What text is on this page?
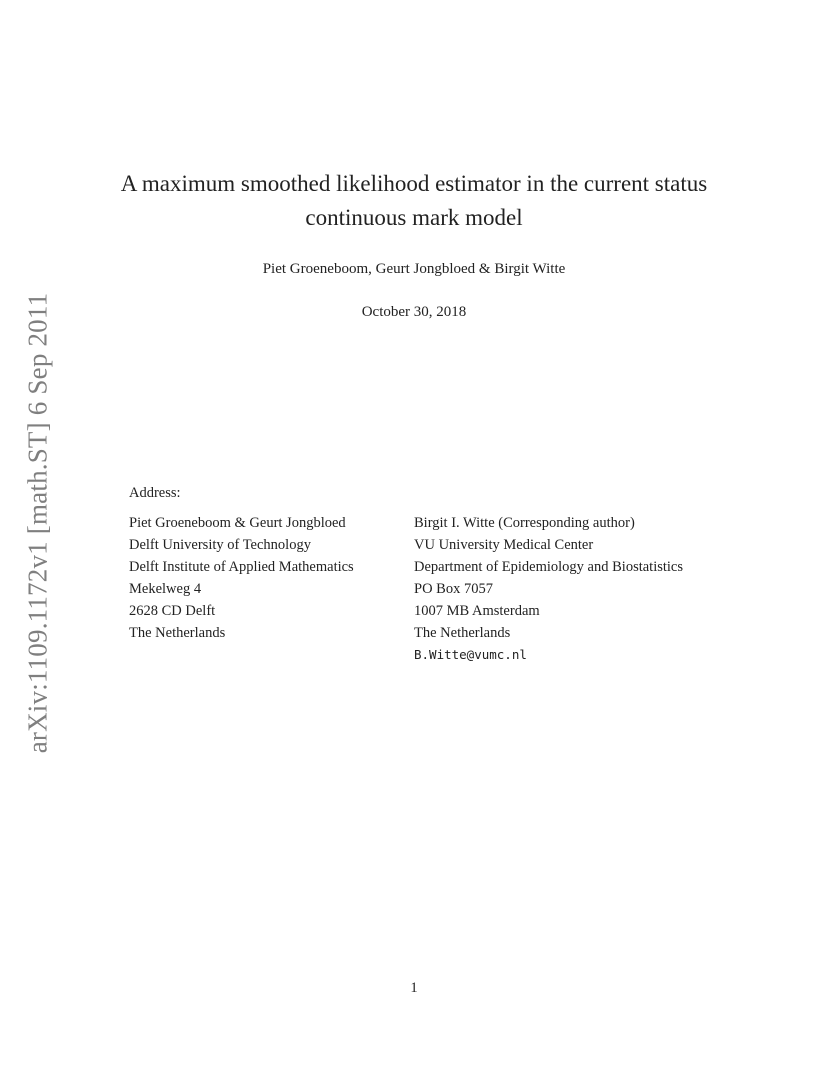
arXiv:1109.1172v1 [math.ST] 6 Sep 2011
A maximum smoothed likelihood estimator in the current status
continuous mark model
Piet Groeneboom, Geurt Jongbloed & Birgit Witte
October 30, 2018
Address:
Piet Groeneboom & Geurt Jongbloed
Delft University of Technology
Delft Institute of Applied Mathematics
Mekelweg 4
2628 CD Delft
The Netherlands
Birgit I. Witte (Corresponding author)
VU University Medical Center
Department of Epidemiology and Biostatistics
PO Box 7057
1007 MB Amsterdam
The Netherlands
B.Witte@vumc.nl
1
